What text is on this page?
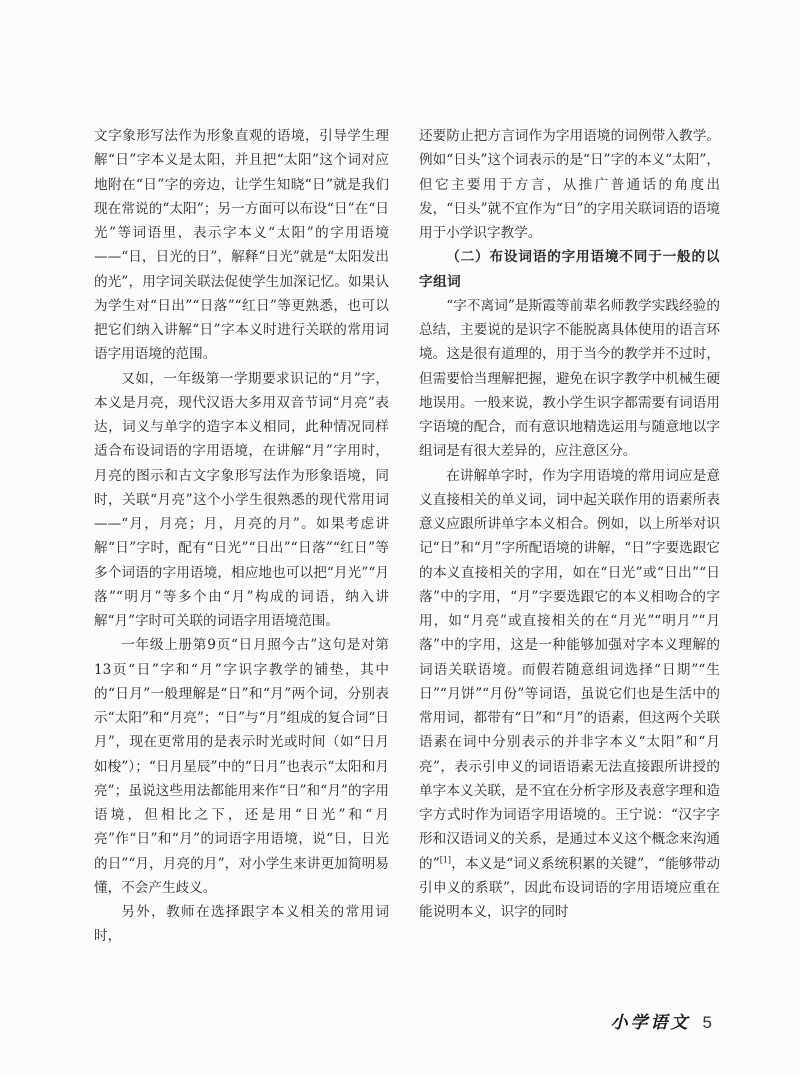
文字象形写法作为形象直观的语境，引导学生理解“日”字本义是太阳，并且把“太阳”这个词对应地附在“日”字的旁边，让学生知晓“日”就是我们现在常说的“太阳”；另一方面可以布设“日”在“日光”等词语里，表示字本义“太阳”的字用语境——“日，日光的日”，解释“日光”就是“太阳发出的光”，用字词关联法促使学生加深记忆。如果认为学生对“日出”“日落”“红日”等更熟悉，也可以把它们纳入讲解“日”字本义时进行关联的常用词语字用语境的范围。

又如，一年级第一学期要求识记的“月”字，本义是月亮，现代汉语大多用双音节词“月亮”表达，词义与单字的造字本义相同，此种情况同样适合布设词语的字用语境，在讲解“月”字用时，月亮的图示和古文字象形写法作为形象语境，同时，关联“月亮”这个小学生很熟悉的现代常用词——“月，月亮；月，月亮的月”。如果考虑讲解“日”字时，配有“日光”“日出”“日落”“红日”等多个词语的字用语境，相应地也可以把“月光”“月落”“明月”等多个由“月”构成的词语，纳入讲解“月”字时可关联的词语字用语境范围。

一年级上册第9页“日月照今古”这句是对第13页“日”字和“月”字识字教学的铺垫，其中的“日月”一般理解是“日”和“月”两个词，分别表示“太阳”和“月亮”；“日”与“月”组成的复合词“日月”，现在更常用的是表示时光或时间（如“日月如梭”）；“日月星辰”中的“日月”也表示“太阳和月亮”；虽说这些用法都能用来作“日”和“月”的字用语境，但相比之下，还是用“日光”和“月亮”作“日”和“月”的词语字用语境，说“日，日光的日”“月，月亮的月”，对小学生来讲更加简明易懂，不会产生歧义。

另外，教师在选择跟字本义相关的常用词时，

还要防止把方言词作为字用语境的词例带入教学。例如“日头”这个词表示的是“日”字的本义“太阳”，但它主要用于方言，从推广普通话的角度出发，“日头”就不宜作为“日”的字用关联词语的语境用于小学识字教学。

（二）布设词语的字用语境不同于一般的以字组词

“字不离词”是斯霞等前辈名师教学实践经验的总结，主要说的是识字不能脱离具体使用的语言环境。这是很有道理的，用于当今的教学并不过时，但需要恰当理解把握，避免在识字教学中机械生硬地误用。一般来说，教小学生识字都需要有词语用字语境的配合，而有意识地精选运用与随意地以字组词是有很大差异的，应注意区分。

在讲解单字时，作为字用语境的常用词应是意义直接相关的单义词，词中起关联作用的语素所表意义应跟所讲单字本义相合。例如，以上所举对识记“日”和“月”字所配语境的讲解，“日”字要选跟它的本义直接相关的字用，如在“日光”或“日出”“日落”中的字用，“月”字要选跟它的本义相吻合的字用，如“月亮”或直接相关的在“月光”“明月”“月落”中的字用，这是一种能够加强对字本义理解的词语关联语境。而假若随意组词选择“日期”“生日”“月饼”“月份”等词语，虽说它们也是生活中的常用词，都带有“日”和“月”的语素，但这两个关联语素在词中分别表示的并非字本义“太阳”和“月亮”，表示引申义的词语语素无法直接跟所讲授的单字本义关联，是不宜在分析字形及表意字理和造字方式时作为词语字用语境的。王宁说：“汉字字形和汉语词义的关系，是通过本义这个概念来沟通的”[1]，本义是“词义系统积累的关键”，“能够带动引申义的系联”，因此布设词语的字用语境应重在能说明本义，识字的同时

小学语文 5
